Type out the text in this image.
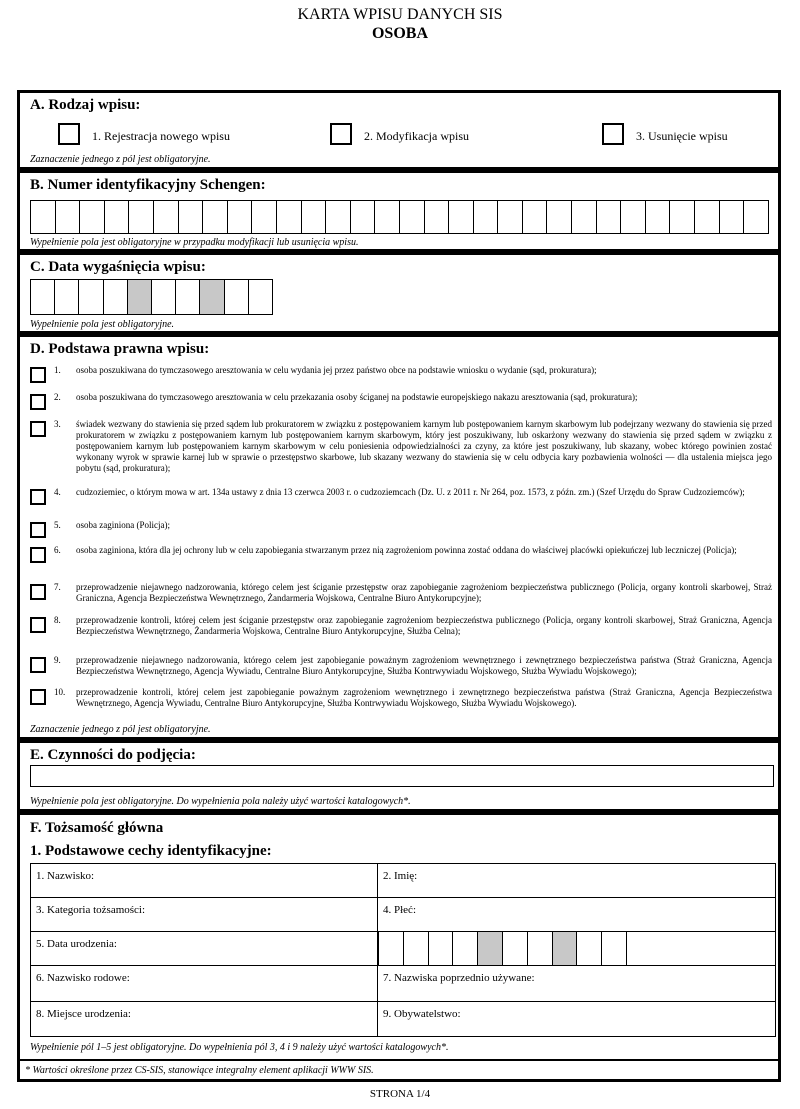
KARTA WPISU DANYCH SIS
OSOBA
A. Rodzaj wpisu:
1. Rejestracja nowego wpisu	2. Modyfikacja wpisu	3. Usunięcie wpisu
Zaznaczenie jednego z pól jest obligatoryjne.
B. Numer identyfikacyjny Schengen:
Wypełnienie pola jest obligatoryjne w przypadku modyfikacji lub usunięcia wpisu.
C. Data wygaśnięcia wpisu:
Wypełnienie pola jest obligatoryjne.
D. Podstawa prawna wpisu:
1. osoba poszukiwana do tymczasowego aresztowania w celu wydania jej przez państwo obce na podstawie wniosku o wydanie (sąd, prokuratura);
2. osoba poszukiwana do tymczasowego aresztowania w celu przekazania osoby ściganej na podstawie europejskiego nakazu aresztowania (sąd, prokuratura);
3. świadek wezwany do stawienia się przed sądem lub prokuratorem w związku z postępowaniem karnym lub postępowaniem karnym skarbowym lub podejrzany wezwany do stawienia się przed prokuratorem w związku z postępowaniem karnym lub postępowaniem karnym skarbowym, który jest poszukiwany, lub oskarżony wezwany do stawienia się przed sądem w związku z postępowaniem karnym lub postępowaniem karnym skarbowym w celu poniesienia odpowiedzialności za czyny, za które jest poszukiwany, lub skazany, wobec którego powinien zostać wykonany wyrok w sprawie karnej lub w sprawie o przestępstwo skarbowe, lub skazany wezwany do stawienia się w celu odbycia kary pozbawienia wolności — dla ustalenia miejsca jego pobytu (sąd, prokuratura);
4. cudzoziemiec, o którym mowa w art. 134a ustawy z dnia 13 czerwca 2003 r. o cudzoziemcach (Dz. U. z 2011 r. Nr 264, poz. 1573, z późn. zm.) (Szef Urzędu do Spraw Cudzoziemców);
5. osoba zaginiona (Policja);
6. osoba zaginiona, która dla jej ochrony lub w celu zapobiegania stwarzanym przez nią zagrożeniom powinna zostać oddana do właściwej placówki opiekuńczej lub leczniczej (Policja);
7. przeprowadzenie niejawnego nadzorowania, którego celem jest ściganie przestępstw oraz zapobieganie zagrożeniom bezpieczeństwa publicznego (Policja, organy kontroli skarbowej, Straż Graniczna, Agencja Bezpieczeństwa Wewnętrznego, Żandarmeria Wojskowa, Centralne Biuro Antykorupcyjne);
8. przeprowadzenie kontroli, której celem jest ściganie przestępstw oraz zapobieganie zagrożeniom bezpieczeństwa publicznego (Policja, organy kontroli skarbowej, Straż Graniczna, Agencja Bezpieczeństwa Wewnętrznego, Żandarmeria Wojskowa, Centralne Biuro Antykorupcyjne, Służba Celna);
9. przeprowadzenie niejawnego nadzorowania, którego celem jest zapobieganie poważnym zagrożeniom wewnętrznego i zewnętrznego bezpieczeństwa państwa (Straż Graniczna, Agencja Bezpieczeństwa Wewnętrznego, Agencja Wywiadu, Centralne Biuro Antykorupcyjne, Służba Kontrwywiadu Wojskowego, Służba Wywiadu Wojskowego);
10. przeprowadzenie kontroli, której celem jest zapobieganie poważnym zagrożeniom wewnętrznego i zewnętrznego bezpieczeństwa państwa (Straż Graniczna, Agencja Bezpieczeństwa Wewnętrznego, Agencja Wywiadu, Centralne Biuro Antykorupcyjne, Służba Kontrwywiadu Wojskowego, Służba Wywiadu Wojskowego).
Zaznaczenie jednego z pól jest obligatoryjne.
E. Czynności do podjęcia:
Wypełnienie pola jest obligatoryjne. Do wypełnienia pola należy użyć wartości katalogowych*.
F. Tożsamość główna
1. Podstawowe cechy identyfikacyjne:
1. Nazwisko:	2. Imię:
3. Kategoria tożsamości:	4. Płeć:
5. Data urodzenia:
6. Nazwisko rodowe:	7. Nazwiska poprzednio używane:
8. Miejsce urodzenia:	9. Obywatelstwo:
Wypełnienie pól 1–5 jest obligatoryjne. Do wypełnienia pól 3, 4 i 9 należy użyć wartości katalogowych*.
* Wartości określone przez CS-SIS, stanowiące integralny element aplikacji WWW SIS.
STRONA 1/4
